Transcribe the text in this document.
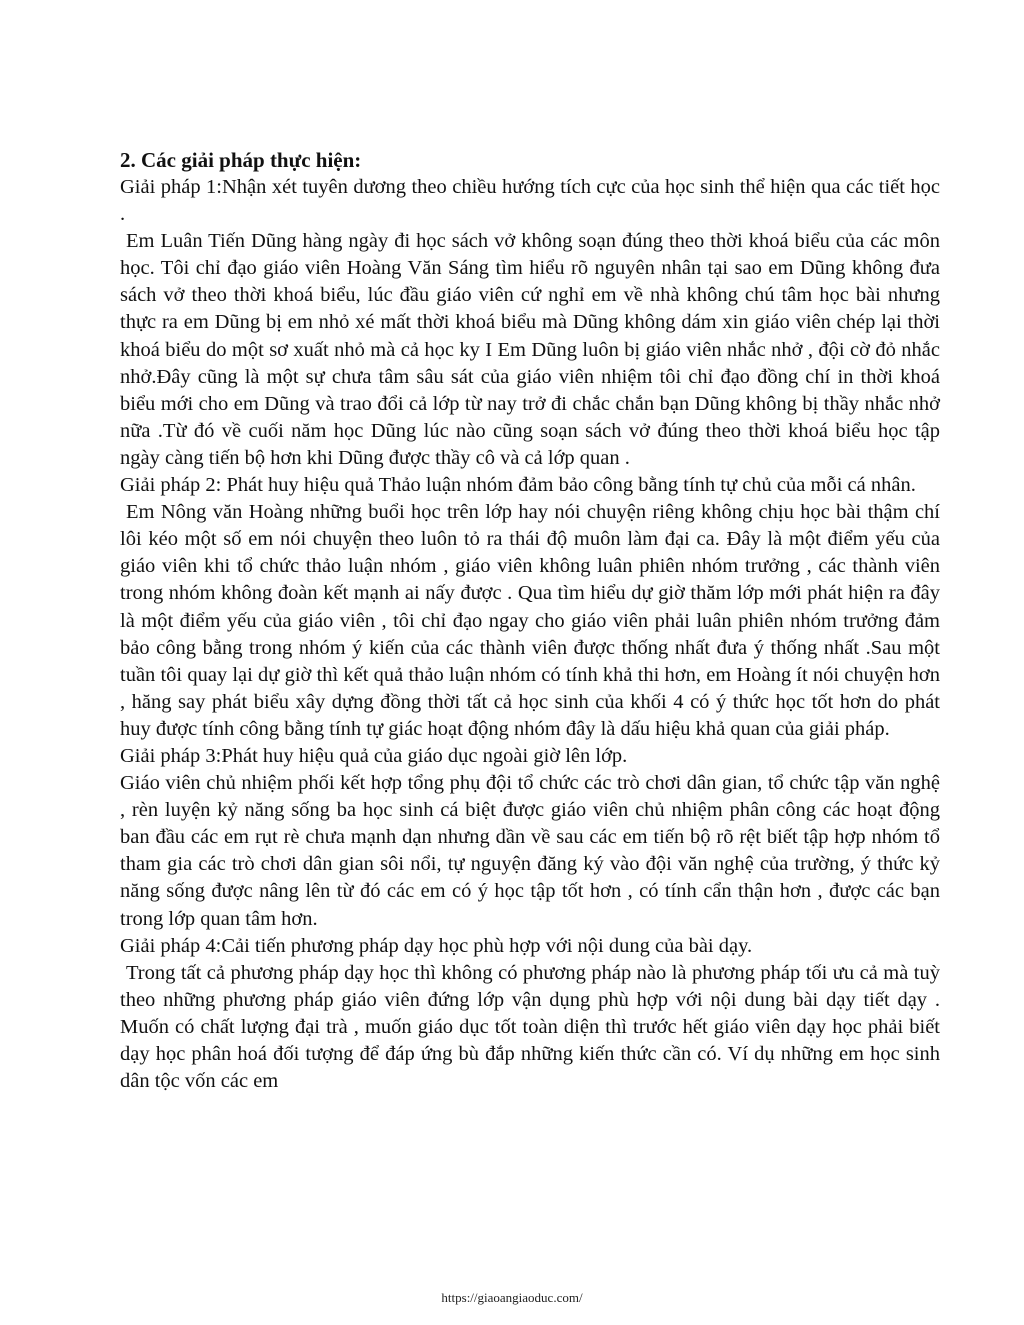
2. Các giải pháp thực hiện:

Giải pháp 1:Nhận xét tuyên dương theo chiều hướng tích cực của học sinh thể hiện qua các tiết học .

Em Luân Tiến Dũng hàng ngày đi học sách vở không soạn đúng theo thời khoá biểu của các môn học. Tôi chỉ đạo giáo viên Hoàng Văn Sáng tìm hiểu rõ nguyên nhân tại sao em Dũng không đưa sách vở theo thời khoá biểu, lúc đầu giáo viên cứ nghỉ em về nhà không chú tâm học bài nhưng thực ra em Dũng bị em nhỏ xé mất thời khoá biểu mà Dũng không dám xin giáo viên chép lại thời khoá biểu do một sơ xuất nhỏ mà cả học ky I Em Dũng luôn bị giáo viên nhắc nhở , đội cờ đỏ nhắc nhở.Đây cũng là một sự chưa tâm sâu sát của giáo viên nhiệm tôi chỉ đạo đồng chí in thời khoá biểu mới cho em Dũng và trao đổi cả lớp từ nay trở đi chắc chắn bạn Dũng không bị thầy nhắc nhở nữa .Từ đó về cuối năm học Dũng lúc nào cũng soạn sách vở đúng theo thời khoá biểu học tập ngày càng tiến bộ hơn khi Dũng được thầy cô và cả lớp quan .

Giải pháp 2: Phát huy hiệu quả Thảo luận nhóm đảm bảo công bằng tính tự chủ của mỗi cá nhân.

Em Nông văn Hoàng những buổi học trên lớp hay nói chuyện riêng không chịu học bài thậm chí lôi kéo một số em nói chuyện theo luôn tỏ ra thái độ muôn làm đại ca. Đây là một điểm yếu của giáo viên khi tổ chức thảo luận nhóm , giáo viên không luân phiên nhóm trưởng , các thành viên trong nhóm không đoàn kết mạnh ai nấy được . Qua tìm hiểu dự giờ thăm lớp mới phát hiện ra đây là một điểm yếu của giáo viên , tôi chỉ đạo ngay cho giáo viên phải luân phiên nhóm trưởng đảm bảo công bằng trong nhóm ý kiến của các thành viên được thống nhất đưa ý thống nhất .Sau một tuần tôi quay lại dự giờ thì kết quả thảo luận nhóm có tính khả thi hơn, em Hoàng ít nói chuyện hơn , hăng say phát biểu xây dựng đồng thời tất cả học sinh của khối 4 có ý thức học tốt hơn do phát huy được tính công bằng tính tự giác hoạt động nhóm đây là dấu hiệu khả quan của giải pháp.

Giải pháp 3:Phát huy hiệu quả của giáo dục ngoài giờ lên lớp.

Giáo viên chủ nhiệm phối kết hợp tổng phụ đội tổ chức các trò chơi dân gian, tổ chức tập văn nghệ , rèn luyện kỷ năng sống ba học sinh cá biệt được giáo viên chủ nhiệm phân công các hoạt động ban đầu các em rụt rè chưa mạnh dạn nhưng dần về sau các em tiến bộ rõ rệt biết tập hợp nhóm tổ tham gia các trò chơi dân gian sôi nổi, tự nguyện đăng ký vào đội văn nghệ của trường, ý thức kỷ năng sống được nâng lên từ đó các em có ý học tập tốt hơn , có tính cẩn thận hơn , được các bạn trong lớp quan tâm hơn.

Giải pháp 4:Cải tiến phương pháp dạy học phù hợp với nội dung của bài dạy.

Trong tất cả phương pháp dạy học thì không có phương pháp nào là phương pháp tối ưu cả mà tuỳ theo những phương pháp giáo viên đứng lớp vận dụng phù hợp với nội dung bài dạy tiết dạy . Muốn có chất lượng đại trà , muốn giáo dục tốt toàn diện thì trước hết giáo viên dạy học phải biết dạy học phân hoá đối tượng để đáp ứng bù đắp những kiến thức cần có. Ví dụ những em học sinh dân tộc vốn các em

https://giaoangiaoduc.com/
